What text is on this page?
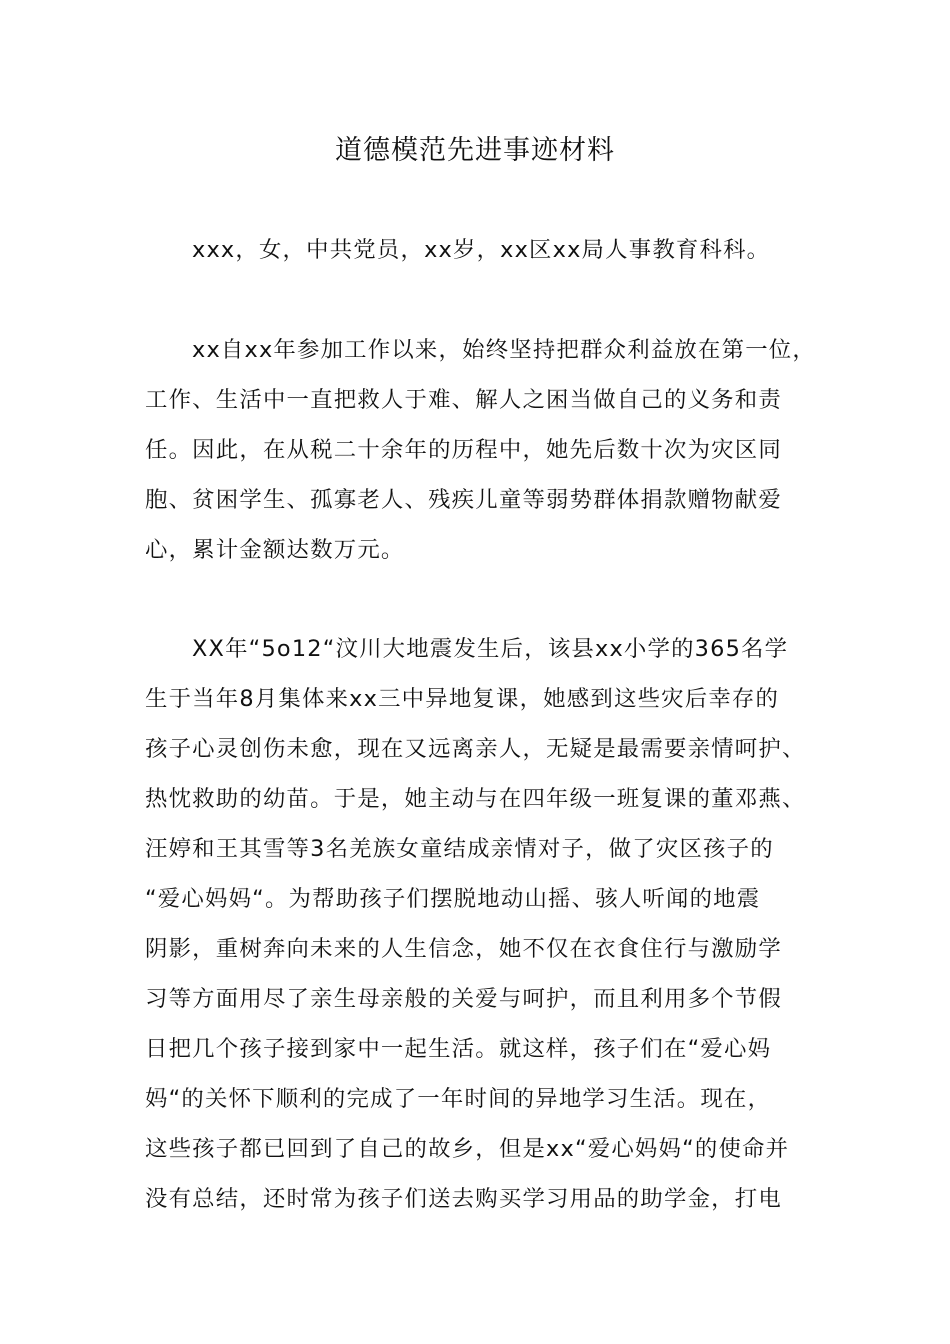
道德模范先进事迹材料
xxx，女，中共党员，xx岁，xx区xx局人事教育科科。
xx自xx年参加工作以来，始终坚持把群众利益放在第一位，
工作、生活中一直把救人于难、解人之困当做自己的义务和责
任。因此，在从税二十余年的历程中，她先后数十次为灾区同
胞、贫困学生、孤寡老人、残疾儿童等弱势群体捐款赠物献爱
心，累计金额达数万元。
XX年“5o12“汶川大地震发生后，该县xx小学的365名学
生于当年8月集体来xx三中异地复课，她感到这些灾后幸存的
孩子心灵创伤未愈，现在又远离亲人，无疑是最需要亲情呵护、
热忱救助的幼苗。于是，她主动与在四年级一班复课的董邓燕、
汪婷和王其雪等3名羌族女童结成亲情对子，做了灾区孩子的
“爱心妈妈“。为帮助孩子们摆脱地动山摇、骇人听闻的地震
阴影，重树奔向未来的人生信念，她不仅在衣食住行与激励学
习等方面用尽了亲生母亲般的关爱与呵护，而且利用多个节假
日把几个孩子接到家中一起生活。就这样，孩子们在“爱心妈
妈“的关怀下顺利的完成了一年时间的异地学习生活。现在，
这些孩子都已回到了自己的故乡，但是xx“爱心妈妈“的使命并
没有总结，还时常为孩子们送去购买学习用品的助学金，打电
